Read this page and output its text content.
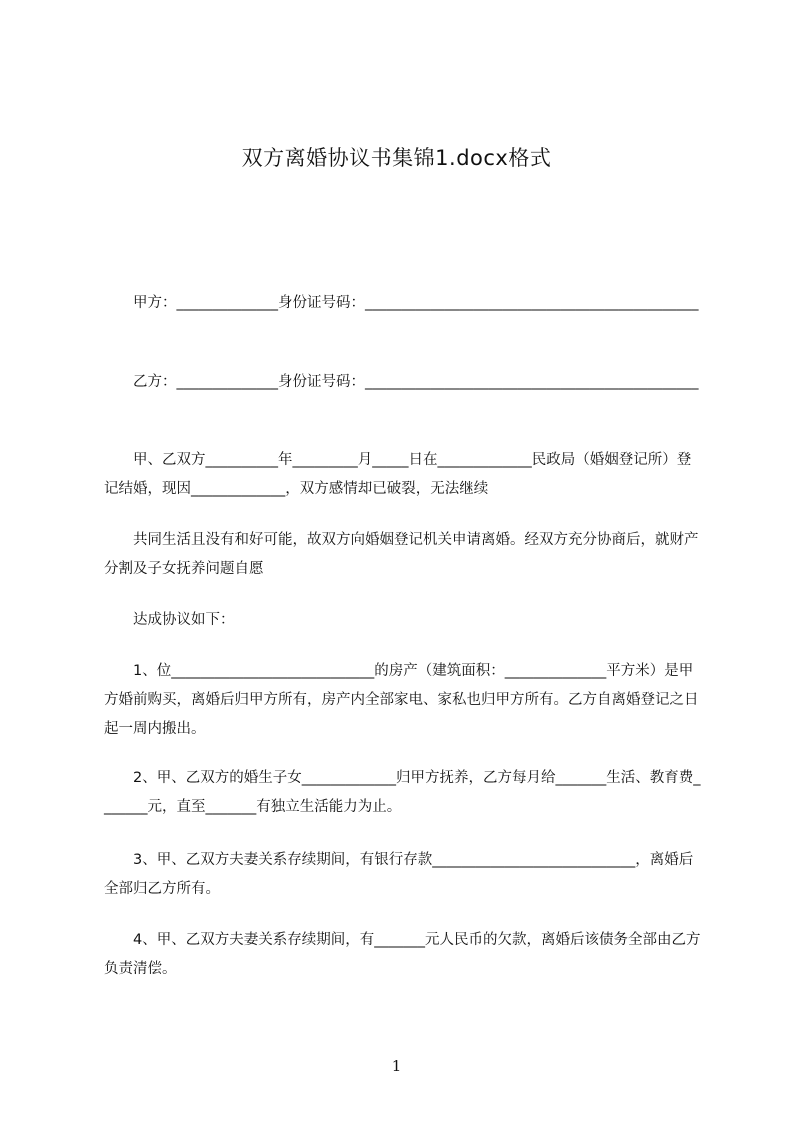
双方离婚协议书集锦1.docx格式
　　甲方：______________身份证号码：______________________________________________
　　乙方：______________身份证号码：______________________________________________
　　甲、乙双方__________年_________月_____日在_____________民政局（婚姻登记所）登记结婚，现因_____________，双方感情却已破裂，无法继续
　　共同生活且没有和好可能，故双方向婚姻登记机关申请离婚。经双方充分协商后，就财产分割及子女抚养问题自愿
　　达成协议如下：
　　1、位____________________________的房产（建筑面积：______________平方米）是甲方婚前购买，离婚后归甲方所有，房产内全部家电、家私也归甲方所有。乙方自离婚登记之日起一周内搬出。
　　2、甲、乙双方的婚生子女_____________归甲方抚养，乙方每月给_______生活、教育费_______元，直至_______有独立生活能力为止。
　　3、甲、乙双方夫妻关系存续期间，有银行存款____________________________，离婚后全部归乙方所有。
　　4、甲、乙双方夫妻关系存续期间，有_______元人民币的欠款，离婚后该债务全部由乙方负责清偿。
1
